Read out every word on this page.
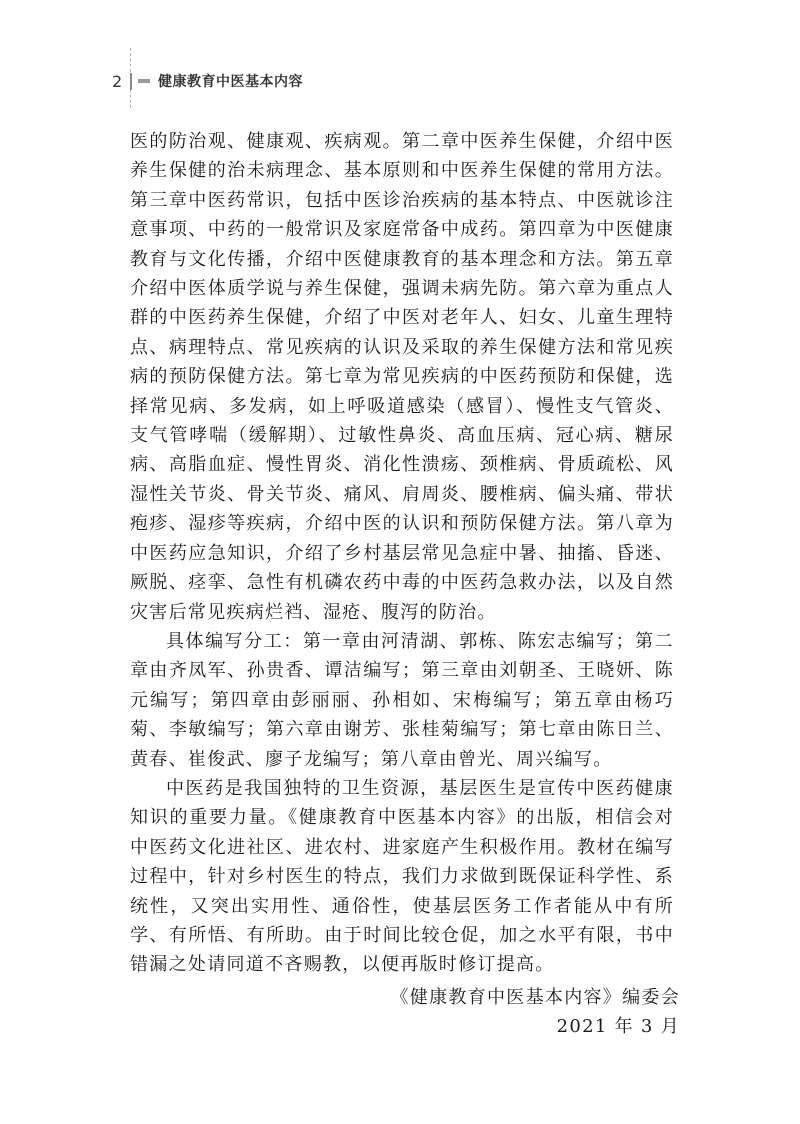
2	健康教育中医基本内容

医的防治观、健康观、疾病观。第二章中医养生保健，介绍中医养生保健的治未病理念、基本原则和中医养生保健的常用方法。第三章中医药常识，包括中医诊治疾病的基本特点、中医就诊注意事项、中药的一般常识及家庭常备中成药。第四章为中医健康教育与文化传播，介绍中医健康教育的基本理念和方法。第五章介绍中医体质学说与养生保健，强调未病先防。第六章为重点人群的中医药养生保健，介绍了中医对老年人、妇女、儿童生理特点、病理特点、常见疾病的认识及采取的养生保健方法和常见疾病的预防保健方法。第七章为常见疾病的中医药预防和保健，选择常见病、多发病，如上呼吸道感染（感冒）、慢性支气管炎、支气管哮喘（缓解期）、过敏性鼻炎、高血压病、冠心病、糖尿病、高脂血症、慢性胃炎、消化性溃疡、颈椎病、骨质疏松、风湿性关节炎、骨关节炎、痛风、肩周炎、腰椎病、偏头痛、带状疱疹、湿疹等疾病，介绍中医的认识和预防保健方法。第八章为中医药应急知识，介绍了乡村基层常见急症中暑、抽搐、昏迷、厥脱、痉挛、急性有机磷农药中毒的中医药急救办法，以及自然灾害后常见疾病烂裆、湿疮、腹泻的防治。

具体编写分工：第一章由河清湖、郭栋、陈宏志编写；第二章由齐凤军、孙贵香、谭洁编写；第三章由刘朝圣、王晓妍、陈元编写；第四章由彭丽丽、孙相如、宋梅编写；第五章由杨巧菊、李敏编写；第六章由谢芳、张桂菊编写；第七章由陈日兰、黄春、崔俊武、廖子龙编写；第八章由曾光、周兴编写。

中医药是我国独特的卫生资源，基层医生是宣传中医药健康知识的重要力量。《健康教育中医基本内容》的出版，相信会对中医药文化进社区、进农村、进家庭产生积极作用。教材在编写过程中，针对乡村医生的特点，我们力求做到既保证科学性、系统性，又突出实用性、通俗性，使基层医务工作者能从中有所学、有所悟、有所助。由于时间比较仓促，加之水平有限，书中错漏之处请同道不吝赐教，以便再版时修订提高。

《健康教育中医基本内容》编委会
2021 年 3 月
